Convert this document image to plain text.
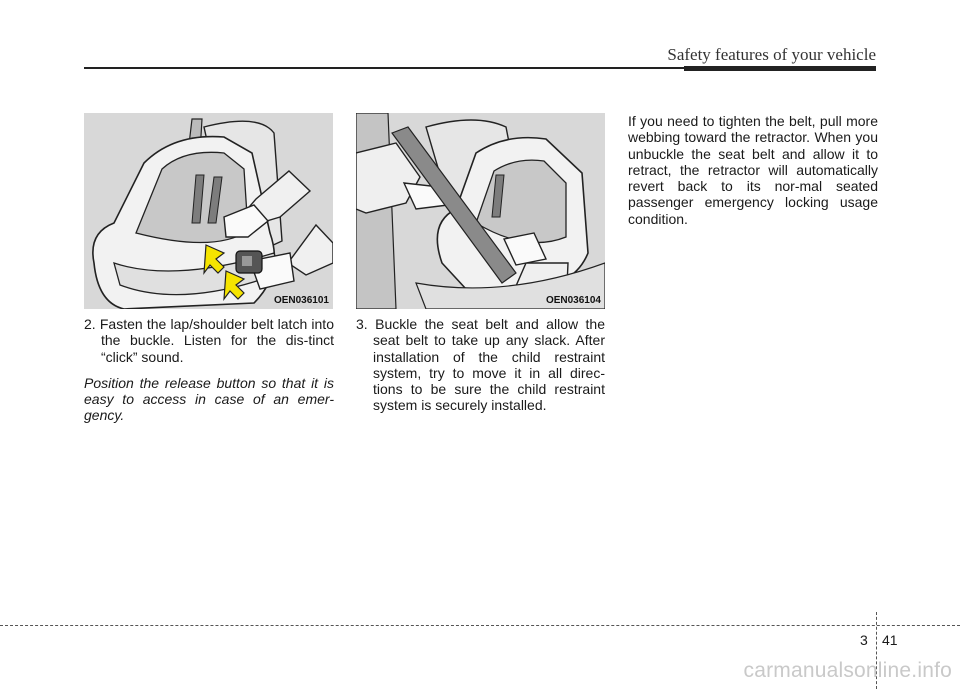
Safety features of your vehicle
OEN036101	OEN036104

2. Fasten the lap/shoulder belt latch into the buckle. Listen for the dis-tinct “click” sound.

Position the release button so that it is easy to access in case of an emer-gency.

3. Buckle the seat belt and allow the seat belt to take up any slack. After installation of the child restraint system, try to move it in all direc-tions to be sure the child restraint system is securely installed.

If you need to tighten the belt, pull more webbing toward the retractor. When you unbuckle the seat belt and allow it to retract, the retractor will automatically revert back to its nor-mal seated passenger emergency locking usage condition.

3 41
carmanualsonline.info
